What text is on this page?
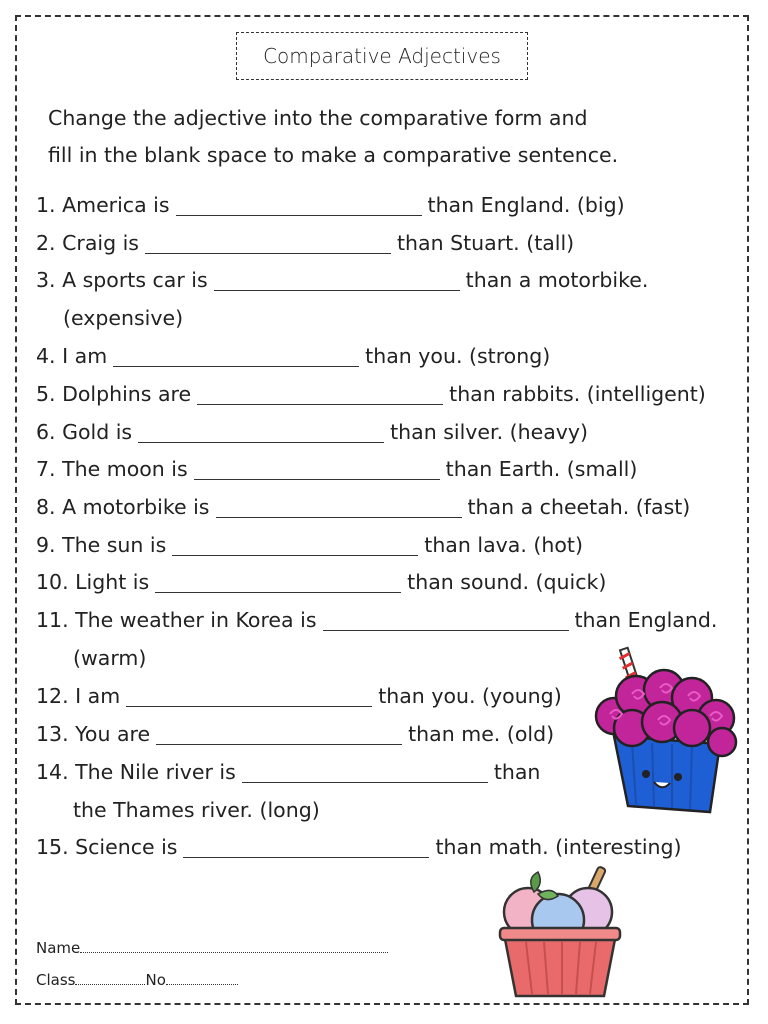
Comparative Adjectives
Change the adjective into the comparative form and
fill in the blank space to make a comparative sentence.
1. America is	than England. (big)
2. Craig is	than Stuart. (tall)
3. A sports car is	than a motorbike.
(expensive)
4. I am	than you. (strong)
5. Dolphins are	than rabbits. (intelligent)
6. Gold is	than silver. (heavy)
7. The moon is	than Earth. (small)
8. A motorbike is	than a cheetah. (fast)
9. The sun is	than lava. (hot)
10. Light is	than sound. (quick)
11. The weather in Korea is	than England.
(warm)
12. I am	than you. (young)
13. You are	than me. (old)
14. The Nile river is	than
the Thames river. (long)
15. Science is	than math. (interesting)
Name
Class	No
